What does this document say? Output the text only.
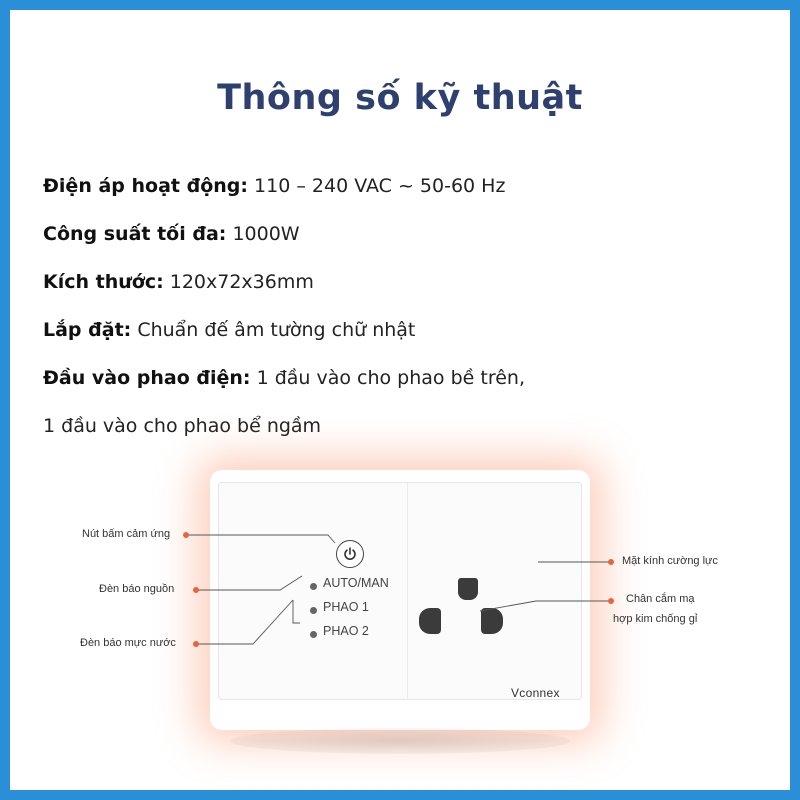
Thông số kỹ thuật
Điện áp hoạt động: 110 – 240 VAC ~ 50-60 Hz
Công suất tối đa: 1000W
Kích thước: 120x72x36mm
Lắp đặt: Chuẩn đế âm tường chữ nhật
Đầu vào phao điện: 1 đầu vào cho phao bề trên,
1 đầu vào cho phao bể ngầm
AUTO/MAN
PHAO 1
PHAO 2
Vconnex
Nút bấm cảm ứng
Đèn báo nguồn
Đèn báo mực nước
Mặt kính cường lực
Chân cắm mạ
hợp kim chống gỉ
